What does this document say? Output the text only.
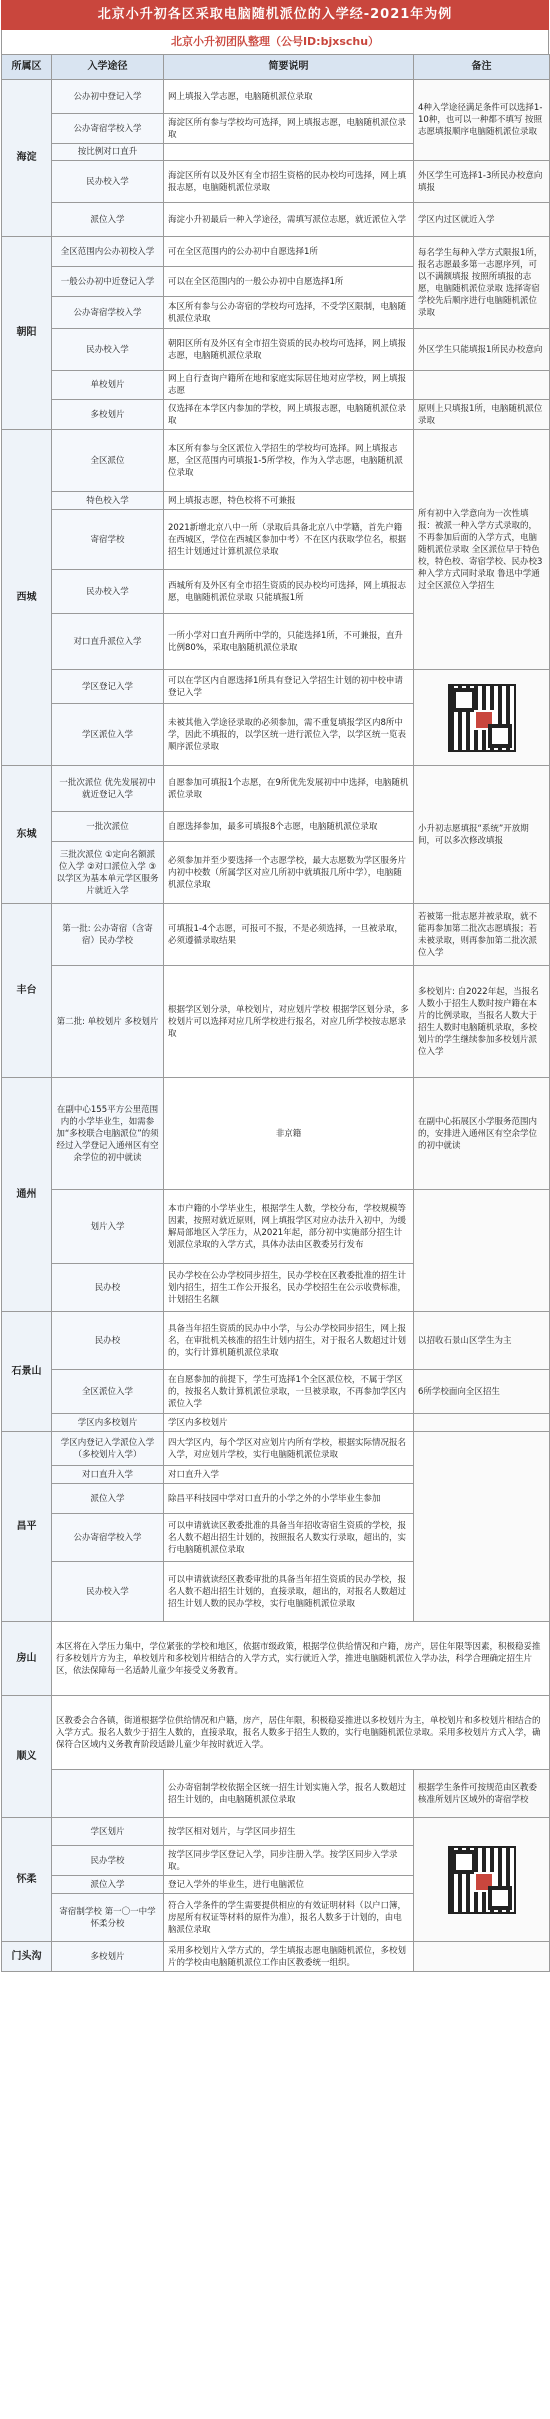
北京小升初各区采取电脑随机派位的入学经-2021年为例
北京小升初团队整理（公号ID:bjxschu）
所属区	入学途径	简要说明	备注
海淀	公办初中登记入学	网上填报入学志愿，电脑随机派位录取	4种入学途径满足条件可以选择1-10种，也可以一种都不填写 按照志愿填报顺序电脑随机派位录取
	公办寄宿学校入学	海淀区所有参与学校均可选择，网上填报志愿，电脑随机派位录取	
	按比例对口直升		
	民办校入学	海淀区所有以及外区有全市招生资格的民办校均可选择，网上填报志愿，电脑随机派位录取	外区学生可选择1-3所民办校意向填报
	派位入学	海淀小升初最后一种入学途径，需填写派位志愿，就近派位入学	学区内过区就近入学
朝阳	全区范围内公办初校入学	可在全区范围内的公办初中自愿选择1所	每名学生每种入学方式限报1所，报名志愿最多第一志愿序列，可以不满额填报 按照所填报的志愿，电脑随机派位录取 选择寄宿学校先后顺序进行电脑随机派位录取
	一般公办初中近登记入学	可以在全区范围内的一般公办初中自愿选择1所	
	公办寄宿学校入学	本区所有参与公办寄宿的学校均可选择，不受学区限制，电脑随机派位录取	
	民办校入学	朝阳区所有及外区有全市招生资质的民办校均可选择，网上填报志愿，电脑随机派位录取	外区学生只能填报1所民办校意向
	单校划片	网上自行查询户籍所在地和家庭实际居住地对应学校，网上填报志愿	
	多校划片	仅选择在本学区内参加的学校，网上填报志愿，电脑随机派位录取	原则上只填报1所，电脑随机派位录取
西城	全区派位	本区所有参与全区派位入学招生的学校均可选择。网上填报志愿，全区范围内可填报1-5所学校，作为入学志愿，电脑随机派位录取	所有初中入学意向为一次性填报：被派一种入学方式录取的，不再参加后面的入学方式，电脑随机派位录取 全区派位早于特色校，特色校、寄宿学校、民办校3种入学方式同时录取 鲁迅中学通过全区派位入学招生
	特色校入学	网上填报志愿，特色校将不可兼报	
	寄宿学校	2021新增北京八中一所（录取后具备北京八中学籍，首先户籍在西城区，学位在西城区参加中考）不在区内获取学位名，根据招生计划通过计算机派位录取	
	民办校入学	西城所有及外区有全市招生资质的民办校均可选择，网上填报志愿，电脑随机派位录取 只能填报1所	
	对口直升派位入学	一所小学对口直升两所中学的，只能选择1所，不可兼报，直升比例80%，采取电脑随机派位录取	
	学区登记入学	可以在学区内自愿选择1所具有登记入学招生计划的初中校申请登记入学	

	学区派位入学	未被其他入学途径录取的必须参加，需不重复填报学区内8所中学，因此不填报的，以学区统一进行派位入学，以学区统一览表顺序派位录取	
东城	一批次派位 优先发展初中就近登记入学	自愿参加可填报1个志愿，在9所优先发展初中中选择，电脑随机派位录取	小升初志愿填报“系统”开放期间，可以多次修改填报
	一批次派位	自愿选择参加，最多可填报8个志愿，电脑随机派位录取	
	三批次派位 ①定向名额派位入学 ②对口派位入学 ③以学区为基本单元学区服务片就近入学	必须参加并至少要选择一个志愿学校，最大志愿数为学区服务片内初中校数（所属学区对应几所初中就填报几所中学），电脑随机派位录取	
丰台	第一批: 公办寄宿（含寄宿）民办学校	可填报1-4个志愿，可报可不报，不是必须选择，一旦被录取，必须遵循录取结果	若被第一批志愿并被录取，就不能再参加第二批次志愿填报；若未被录取，则再参加第二批次派位入学
	第二批: 单校划片 多校划片	根据学区划分录，单校划片，对应划片学校 根据学区划分录，多校划片可以选择对应几所学校进行报名，对应几所学校按志愿录取	多校划片: 自2022年起，当报名人数小于招生人数时按户籍在本片的比例录取，当报名人数大于招生人数时电脑随机录取，多校划片的学生继续参加多校划片派位入学
通州	在副中心155平方公里范围内的小学毕业生，如需参加“多校联合电脑派位”的须经过入学登记入通州区有空余学位的初中就读	非京籍	在副中心拓展区小学服务范围内的，安排进入通州区有空余学位的初中就读
	划片入学	本市户籍的小学毕业生，根据学生人数，学校分布，学校规模等因素，按照对就近原则，网上填报学区对应办法升入初中，为缓解局部地区入学压力，从2021年起，部分初中实施部分招生计划派位录取的入学方式，具体办法由区教委另行发布	
	民办校	民办学校在公办学校同步招生，民办学校在区教委批准的招生计划内招生，招生工作公开报名，民办学校招生在公示收费标准，计划招生名额	
石景山	民办校	具备当年招生资质的民办中小学，与公办学校同步招生，网上报名，在审批机关核准的招生计划内招生，对于报名人数超过计划的，实行计算机随机派位录取	以招收石景山区学生为主
	全区派位入学	在自愿参加的前提下，学生可选择1个全区派位校，不属于学区的，按报名人数计算机派位录取，一旦被录取，不再参加学区内派位入学	6所学校面向全区招生
	学区内多校划片	学区内多校划片	
昌平	学区内登记入学派位入学（多校划片入学）	四大学区内，每个学区对应划片内所有学校，根据实际情况报名入学，对应划片学校，实行电脑随机派位录取	
	对口直升入学	对口直升入学	
	派位入学	除昌平科技园中学对口直升的小学之外的小学毕业生参加	
	公办寄宿学校入学	可以申请就读区教委批准的具备当年招收寄宿生资质的学校，报名人数不超出招生计划的，按照报名人数实行录取，超出的，实行电脑随机派位录取	
	民办校入学	可以申请就读经区教委审批的具备当年招生资质的民办学校，报名人数不超出招生计划的，直接录取，超出的，对报名人数超过招生计划人数的民办学校，实行电脑随机派位录取	
房山	本区将在入学压力集中，学位紧张的学校和地区，依据市级政策，根据学位供给情况和户籍，房产，居住年限等因素，积极稳妥推行多校划片方为主，单校划片和多校划片相结合的入学方式，实行就近入学，推进电脑随机派位入学办法，科学合理确定招生片区，依法保障每一名适龄儿童少年接受义务教育。		
顺义	区教委会合各镇，街道根据学位供给情况和户籍，房产，居住年限，积极稳妥推进以多校划片为主，单校划片和多校划片相结合的入学方式。报名人数少于招生人数的，直接录取，报名人数多于招生人数的，实行电脑随机派位录取。采用多校划片方式入学，确保符合区域内义务教育阶段适龄儿童少年按时就近入学。		
		公办寄宿制学校依据全区统一招生计划实施入学，报名人数超过招生计划的，由电脑随机派位录取	根据学生条件可按规范由区教委核准所划片区域外的寄宿学校
怀柔	学区划片	按学区相对划片，与学区同步招生	

	民办学校	按学区同步学区登记入学，同步注册入学。按学区同步入学录取。	
	派位入学	登记入学外的毕业生，进行电脑派位	
	寄宿制学校 第一〇一中学怀柔分校	符合入学条件的学生需要提供相应的有效证明材料（以户口簿，房屋所有权证等材料的原件为准），报名人数多于计划的，由电脑派位录取	
门头沟	多校划片	采用多校划片入学方式的，学生填报志愿电脑随机派位，多校划片的学校由电脑随机派位工作由区教委统一组织。	
